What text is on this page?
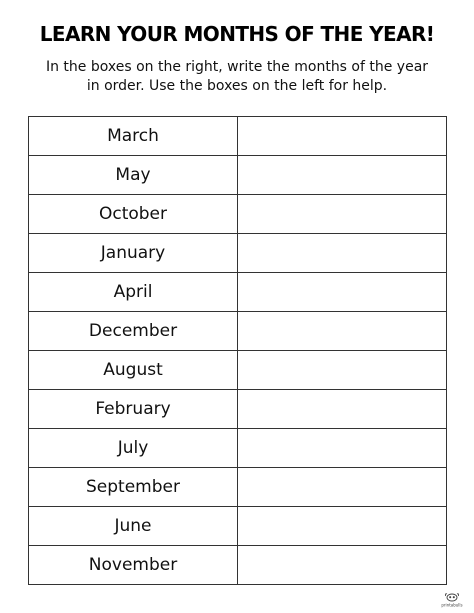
LEARN YOUR MONTHS OF THE YEAR!
In the boxes on the right, write the months of the year in order. Use the boxes on the left for help.
March	
May	
October	
January	
April	
December	
August	
February	
July	
September	
June	
November	
printabulls
